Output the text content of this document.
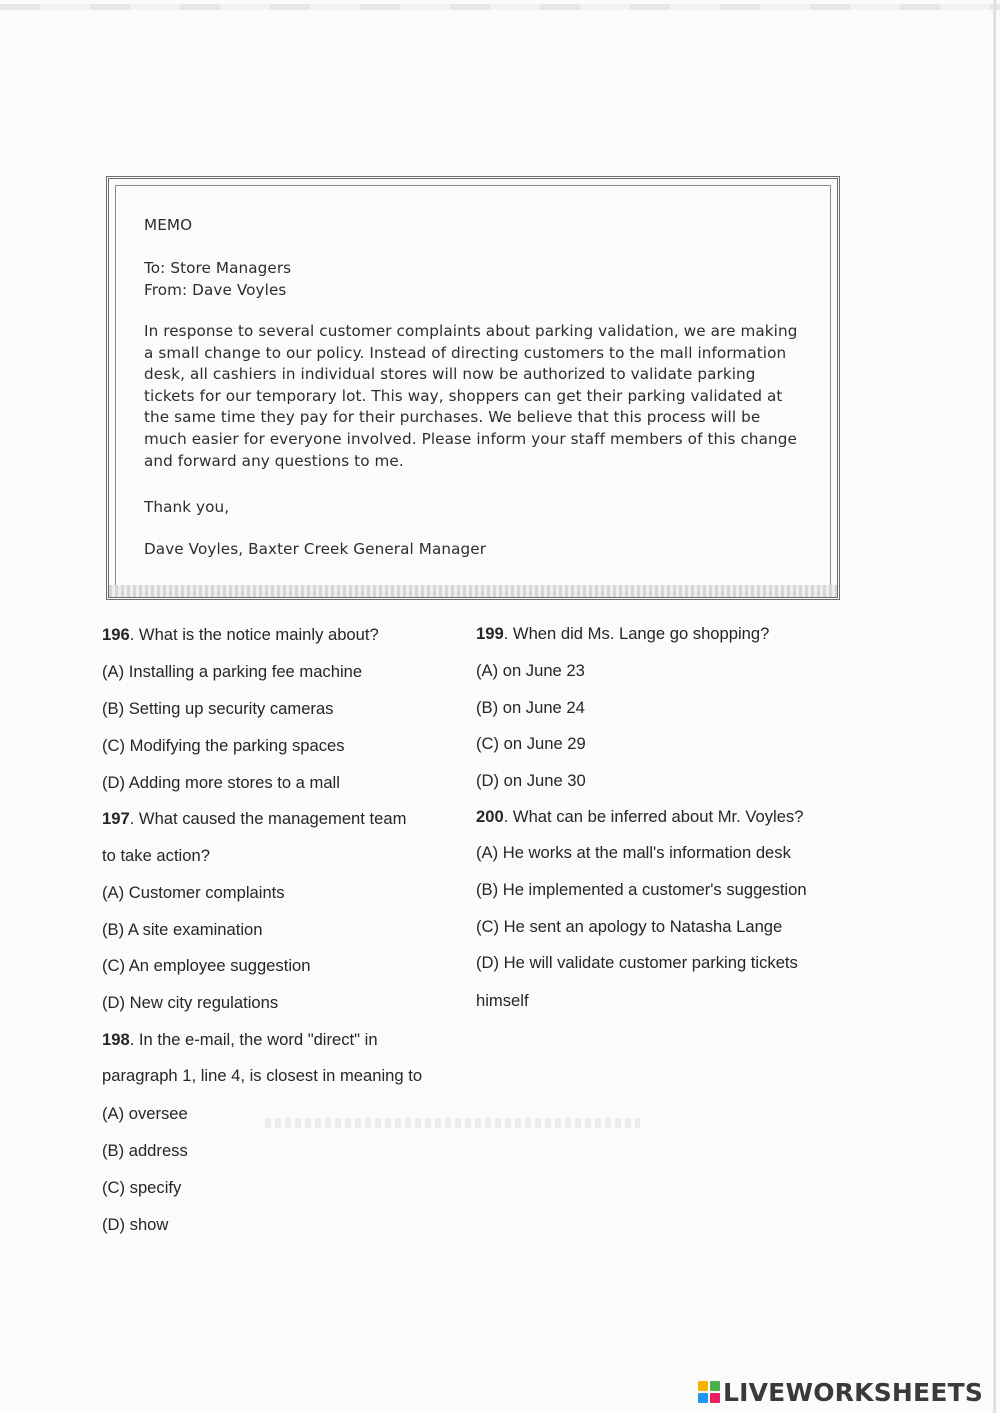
MEMO
To: Store Managers
From: Dave Voyles
In response to several customer complaints about parking validation, we are making a small change to our policy. Instead of directing customers to the mall information desk, all cashiers in individual stores will now be authorized to validate parking tickets for our temporary lot. This way, shoppers can get their parking validated at the same time they pay for their purchases. We believe that this process will be much easier for everyone involved. Please inform your staff members of this change and forward any questions to me.
Thank you,
Dave Voyles, Baxter Creek General Manager
196. What is the notice mainly about?
(A) Installing a parking fee machine
(B) Setting up security cameras
(C) Modifying the parking spaces
(D) Adding more stores to a mall
197. What caused the management team
to take action?
(A) Customer complaints
(B) A site examination
(C) An employee suggestion
(D) New city regulations
198. In the e-mail, the word "direct" in
paragraph 1, line 4, is closest in meaning to
(A) oversee
(B) address
(C) specify
(D) show
199. When did Ms. Lange go shopping?
(A) on June 23
(B) on June 24
(C) on June 29
(D) on June 30
200. What can be inferred about Mr. Voyles?
(A) He works at the mall's information desk
(B) He implemented a customer's suggestion
(C) He sent an apology to Natasha Lange
(D) He will validate customer parking tickets
himself
LIVEWORKSHEETS
